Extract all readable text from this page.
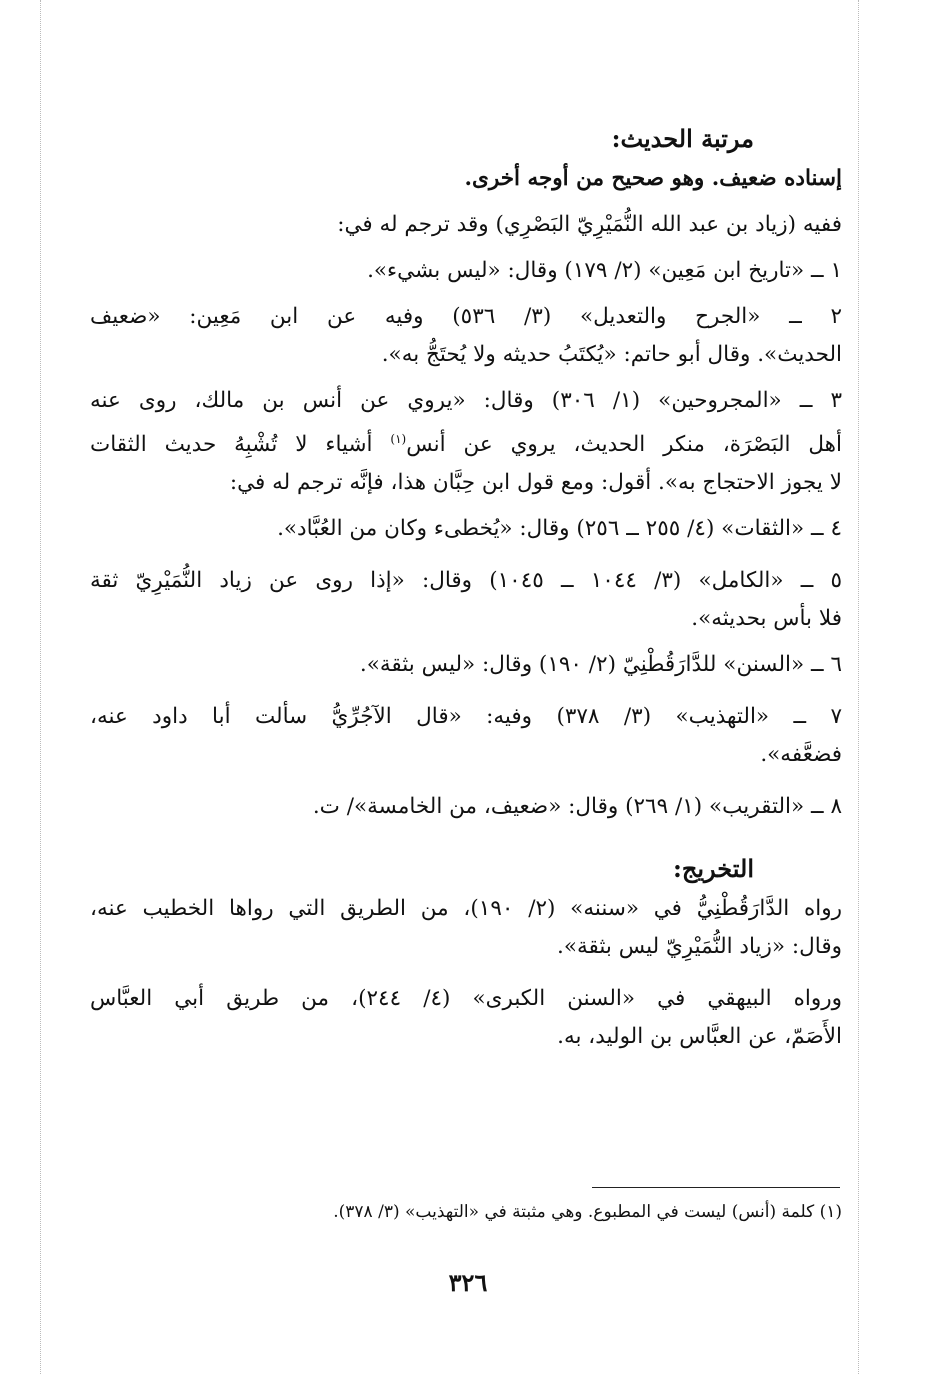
مرتبة الحديث:
إسناده ضعيف. وهو صحيح من أوجه أخرى.
ففيه (زياد بن عبد الله النُّمَيْرِيّ البَصْرِي) وقد ترجم له في:
١ ــ «تاريخ ابن مَعِين» (٢/ ١٧٩) وقال: «ليس بشيء».
٢ ــ «الجرح والتعديل» (٣/ ٥٣٦) وفيه عن ابن مَعِين: «ضعيف
الحديث». وقال أبو حاتم: «يُكتَبُ حديثه ولا يُحتَجُّ به».
٣ ــ «المجروحين» (١/ ٣٠٦) وقال: «يروي عن أنس بن مالك، روى عنه
أهل البَصْرَة، منكر الحديث، يروي عن أنس$^{(١)}$ أشياء لا تُشْبِهُ حديث الثقات
لا يجوز الاحتجاج به». أقول: ومع قول ابن حِبَّان هذا، فإنَّه ترجم له في:
٤ ــ «الثقات» (٤/ ٢٥٥ ــ ٢٥٦) وقال: «يُخطىء وكان من العُبَّاد».
٥ ــ «الكامل» (٣/ ١٠٤٤ ــ ١٠٤٥) وقال: «إذا روى عن زياد النُّمَيْرِيّ ثقة
فلا بأس بحديثه».
٦ ــ «السنن» للدَّارَقُطْنِيّ (٢/ ١٩٠) وقال: «ليس بثقة».
٧ ــ «التهذيب» (٣/ ٣٧٨) وفيه: «قال الآجُرِّيُّ سألت أبا داود عنه،
فضعَّفه».
٨ ــ «التقريب» (١/ ٢٦٩) وقال: «ضعيف، من الخامسة»/ ت.
التخريج:
رواه الدَّارَقُطْنِيُّ في «سننه» (٢/ ١٩٠)، من الطريق التي رواها الخطيب عنه،
وقال: «زياد النُّمَيْرِيّ ليس بثقة».
ورواه البيهقي في «السنن الكبرى» (٤/ ٢٤٤)، من طريق أبي العبَّاس
الأَصَمّ، عن العبَّاس بن الوليد، به.
(١) كلمة (أنس) ليست في المطبوع. وهي مثبتة في «التهذيب» (٣/ ٣٧٨).
٣٢٦
